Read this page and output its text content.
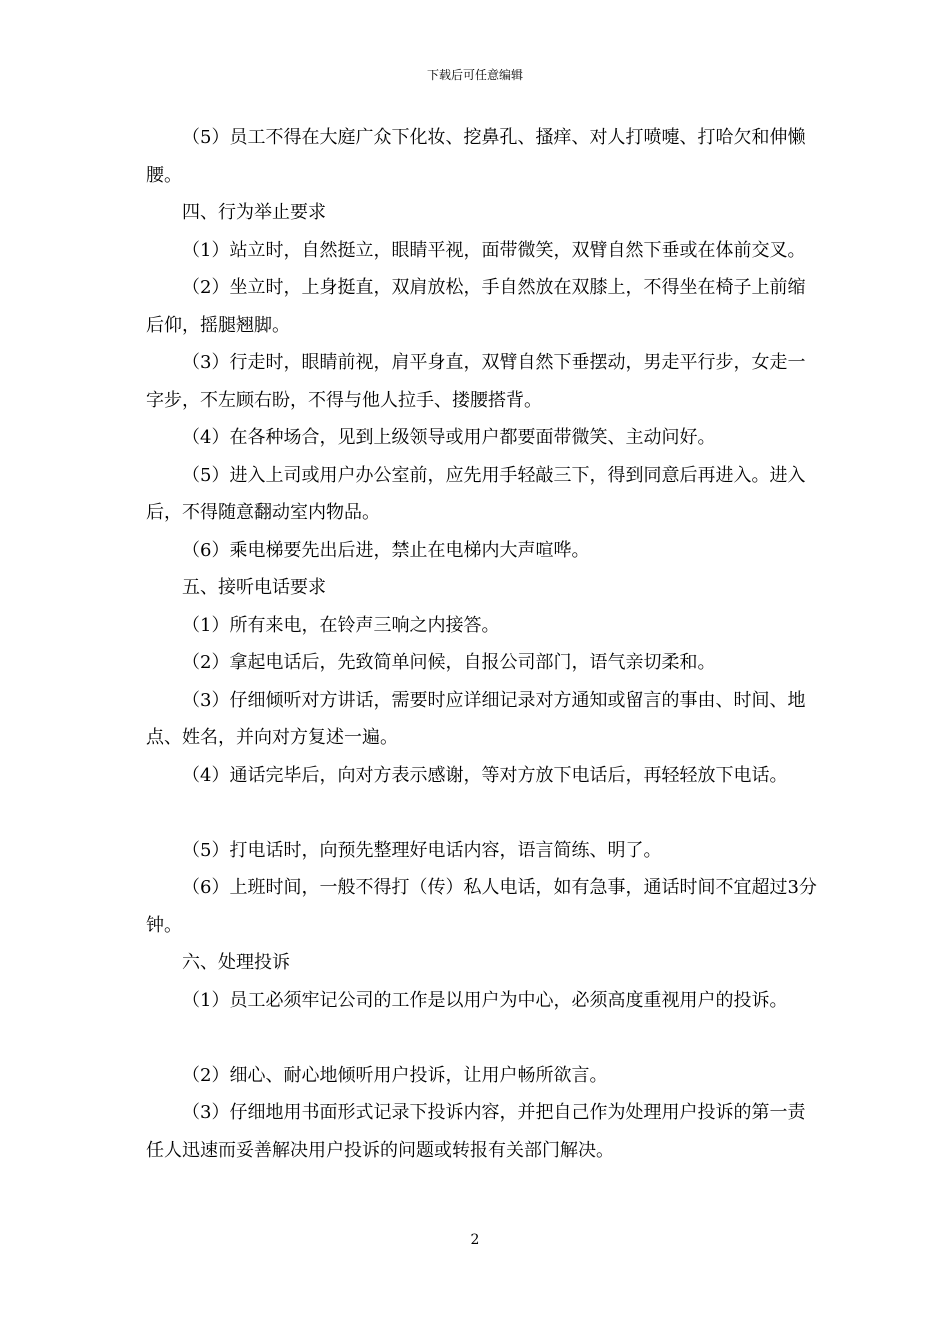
下载后可任意编辑

（5）员工不得在大庭广众下化妆、挖鼻孔、搔痒、对人打喷嚏、打哈欠和伸懒腰。

四、行为举止要求

（1）站立时，自然挺立，眼睛平视，面带微笑，双臂自然下垂或在体前交叉。

（2）坐立时，上身挺直，双肩放松，手自然放在双膝上，不得坐在椅子上前缩后仰，摇腿翘脚。

（3）行走时，眼睛前视，肩平身直，双臂自然下垂摆动，男走平行步，女走一字步，不左顾右盼，不得与他人拉手、搂腰搭背。

（4）在各种场合，见到上级领导或用户都要面带微笑、主动问好。

（5）进入上司或用户办公室前，应先用手轻敲三下，得到同意后再进入。进入后，不得随意翻动室内物品。

（6）乘电梯要先出后进，禁止在电梯内大声喧哗。

五、接听电话要求

（1）所有来电，在铃声三响之内接答。

（2）拿起电话后，先致简单问候，自报公司部门，语气亲切柔和。

（3）仔细倾听对方讲话，需要时应详细记录对方通知或留言的事由、时间、地点、姓名，并向对方复述一遍。

（4）通话完毕后，向对方表示感谢，等对方放下电话后，再轻轻放下电话。

（5）打电话时，向预先整理好电话内容，语言简练、明了。

（6）上班时间，一般不得打（传）私人电话，如有急事，通话时间不宜超过3分钟。

六、处理投诉

（1）员工必须牢记公司的工作是以用户为中心，必须高度重视用户的投诉。

（2）细心、耐心地倾听用户投诉，让用户畅所欲言。

（3）仔细地用书面形式记录下投诉内容，并把自己作为处理用户投诉的第一责任人迅速而妥善解决用户投诉的问题或转报有关部门解决。

2
